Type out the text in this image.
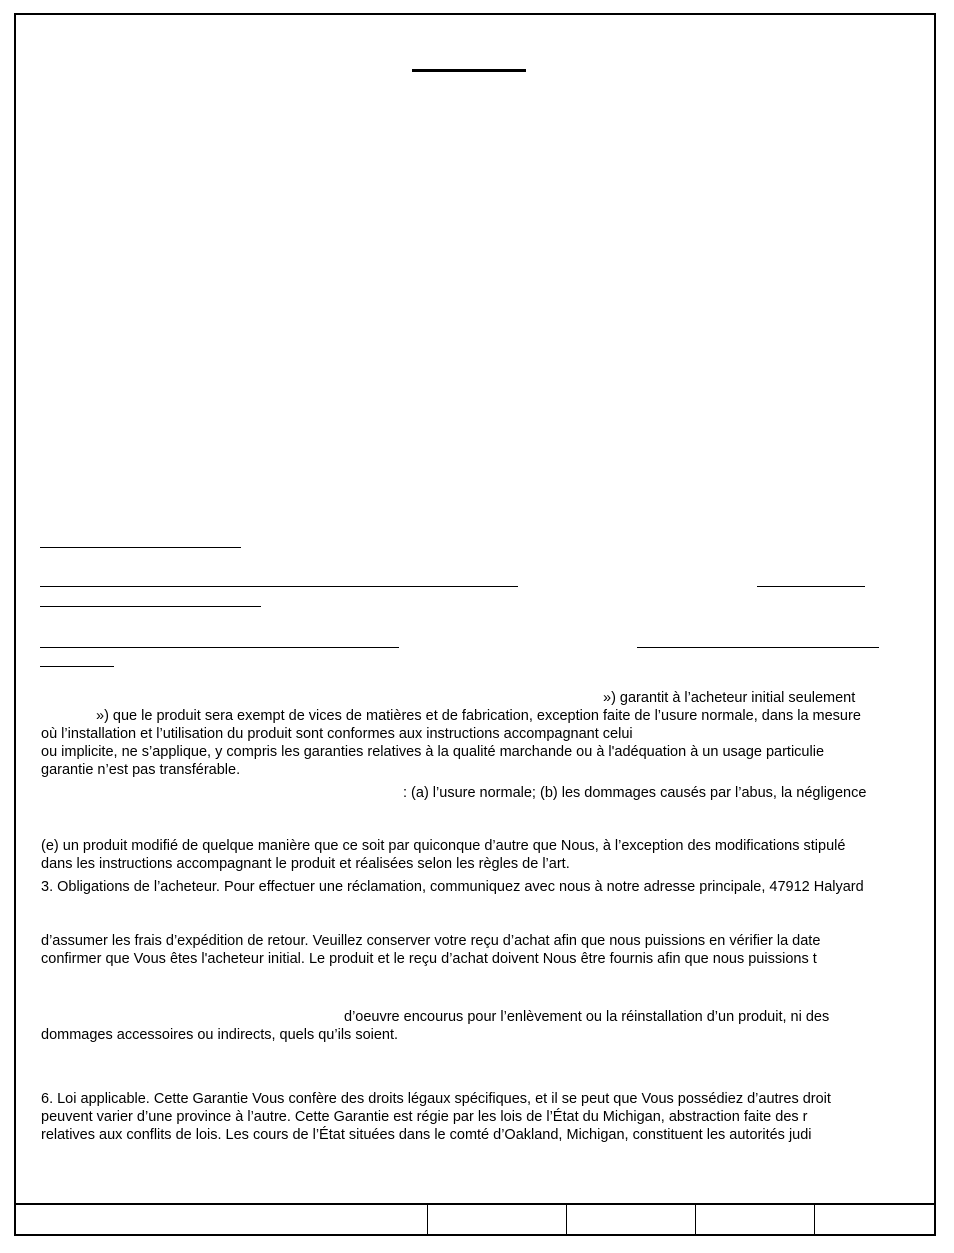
») garantit à l’acheteur initial seulement
») que le produit sera exempt de vices de matières et de fabrication, exception faite de l’usure normale, dans la mesure
où l’installation et l’utilisation du produit sont conformes aux instructions accompagnant celui
ou implicite, ne s’applique, y compris les garanties relatives à la qualité marchande ou à l'adéquation à un usage particulie
garantie n’est pas transférable.
: (a) l’usure normale; (b) les dommages causés par l’abus, la négligence
(e) un produit modifié de quelque manière que ce soit par quiconque d’autre que Nous, à l’exception des modifications stipulé
dans les instructions accompagnant le produit et réalisées selon les règles de l’art.
3. Obligations de l’acheteur. Pour effectuer une réclamation, communiquez avec nous à notre adresse principale, 47912 Halyard
d’assumer les frais d’expédition de retour. Veuillez conserver votre reçu d’achat afin que nous puissions en vérifier la date
confirmer que Vous êtes l'acheteur initial. Le produit et le reçu d’achat doivent Nous être fournis afin que nous puissions t
d’oeuvre encourus pour l’enlèvement ou la réinstallation d’un produit, ni des
dommages accessoires ou indirects, quels qu’ils soient.
6. Loi applicable. Cette Garantie Vous confère des droits légaux spécifiques, et il se peut que Vous possédiez d’autres droit
peuvent varier d’une province à l’autre. Cette Garantie est régie par les lois de l’État du Michigan, abstraction faite des r
relatives aux conflits de lois. Les cours de l’État situées dans le comté d’Oakland, Michigan, constituent les autorités judi
